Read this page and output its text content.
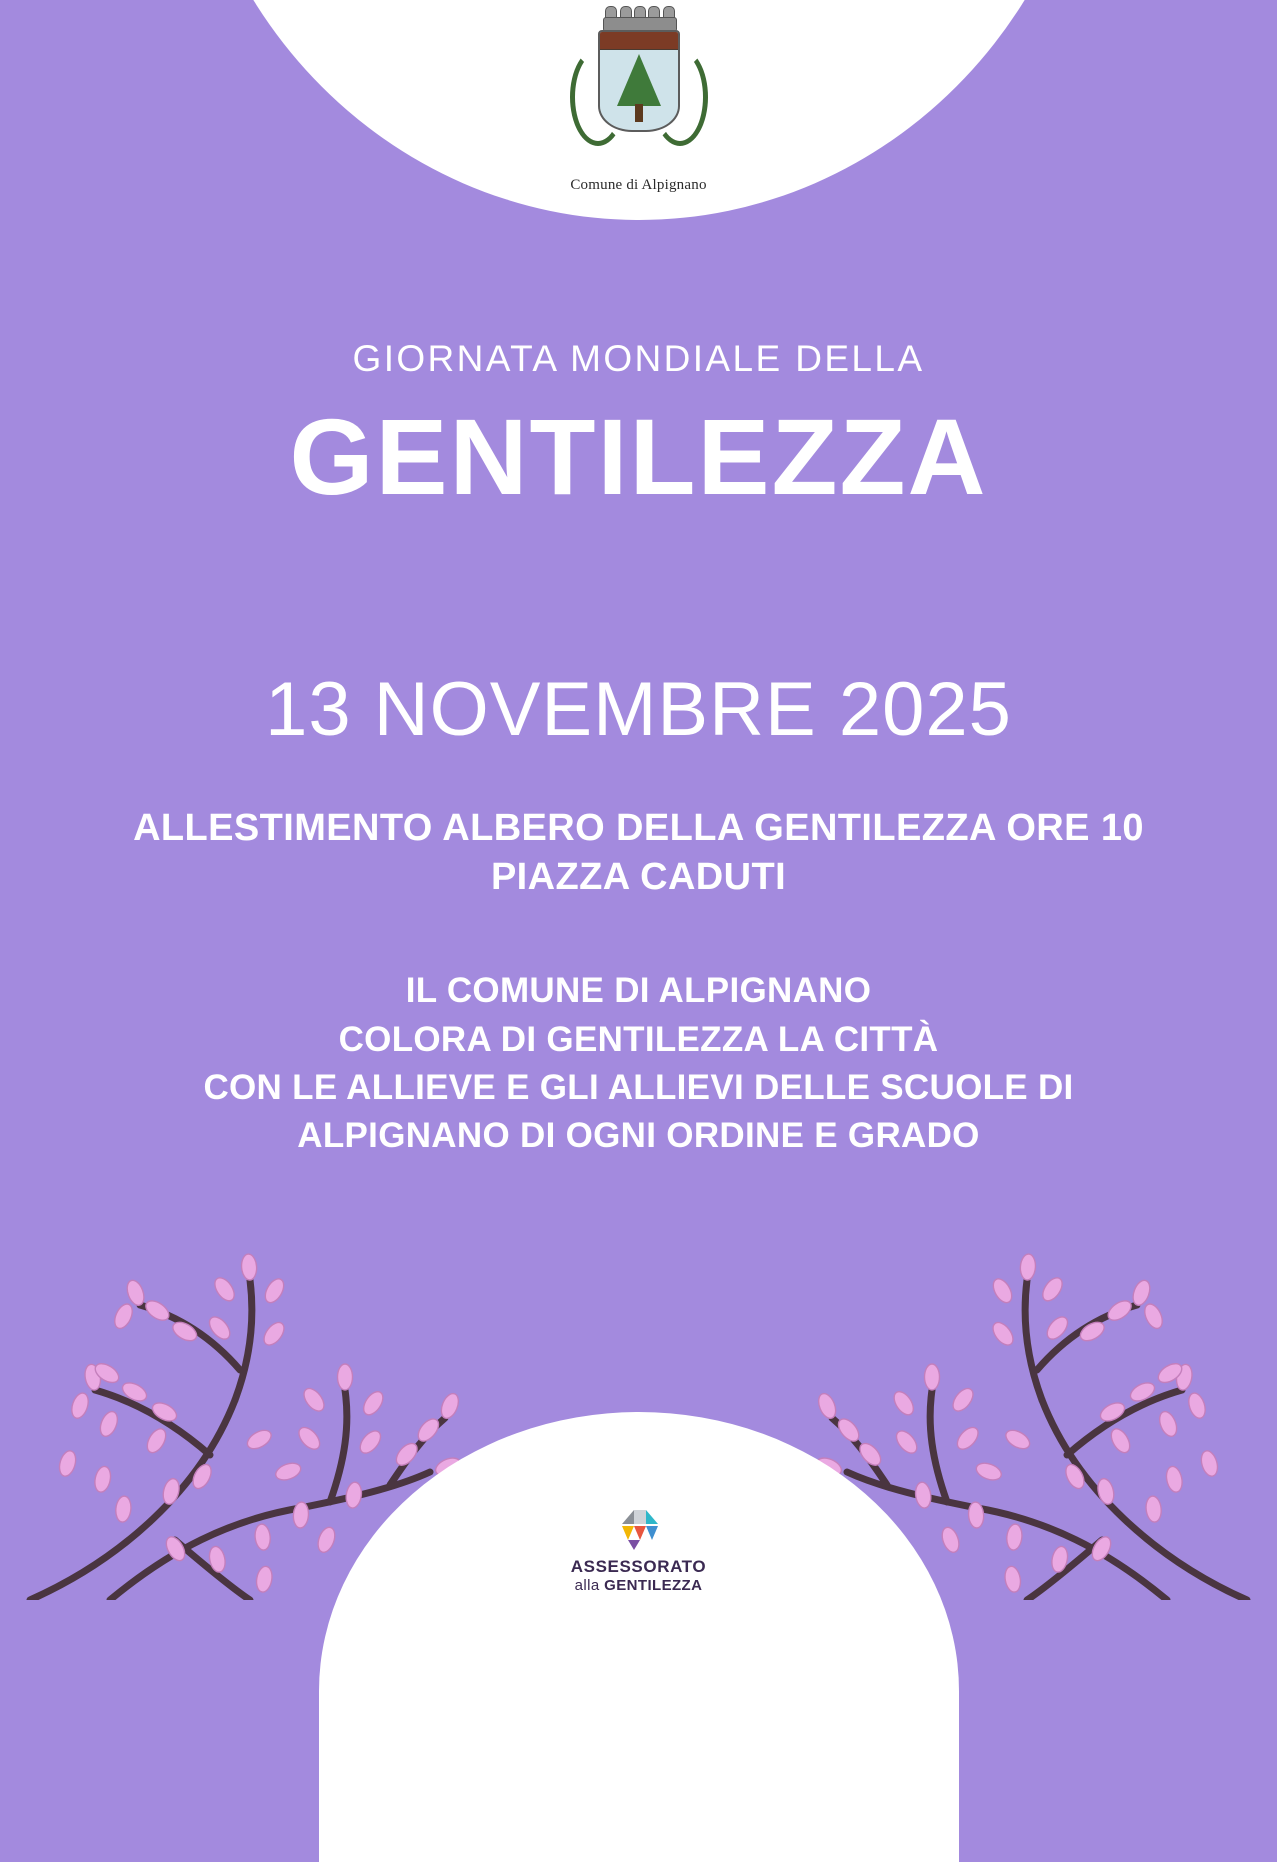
Comune di Alpignano
GIORNATA MONDIALE DELLA
GENTILEZZA
13 NOVEMBRE 2025
ALLESTIMENTO ALBERO DELLA GENTILEZZA ORE 10
PIAZZA CADUTI
IL COMUNE DI ALPIGNANO
COLORA DI GENTILEZZA LA CITTÀ
CON LE ALLIEVE E GLI ALLIEVI DELLE SCUOLE DI
ALPIGNANO DI OGNI ORDINE E GRADO
ASSESSORATO
alla GENTILEZZA
